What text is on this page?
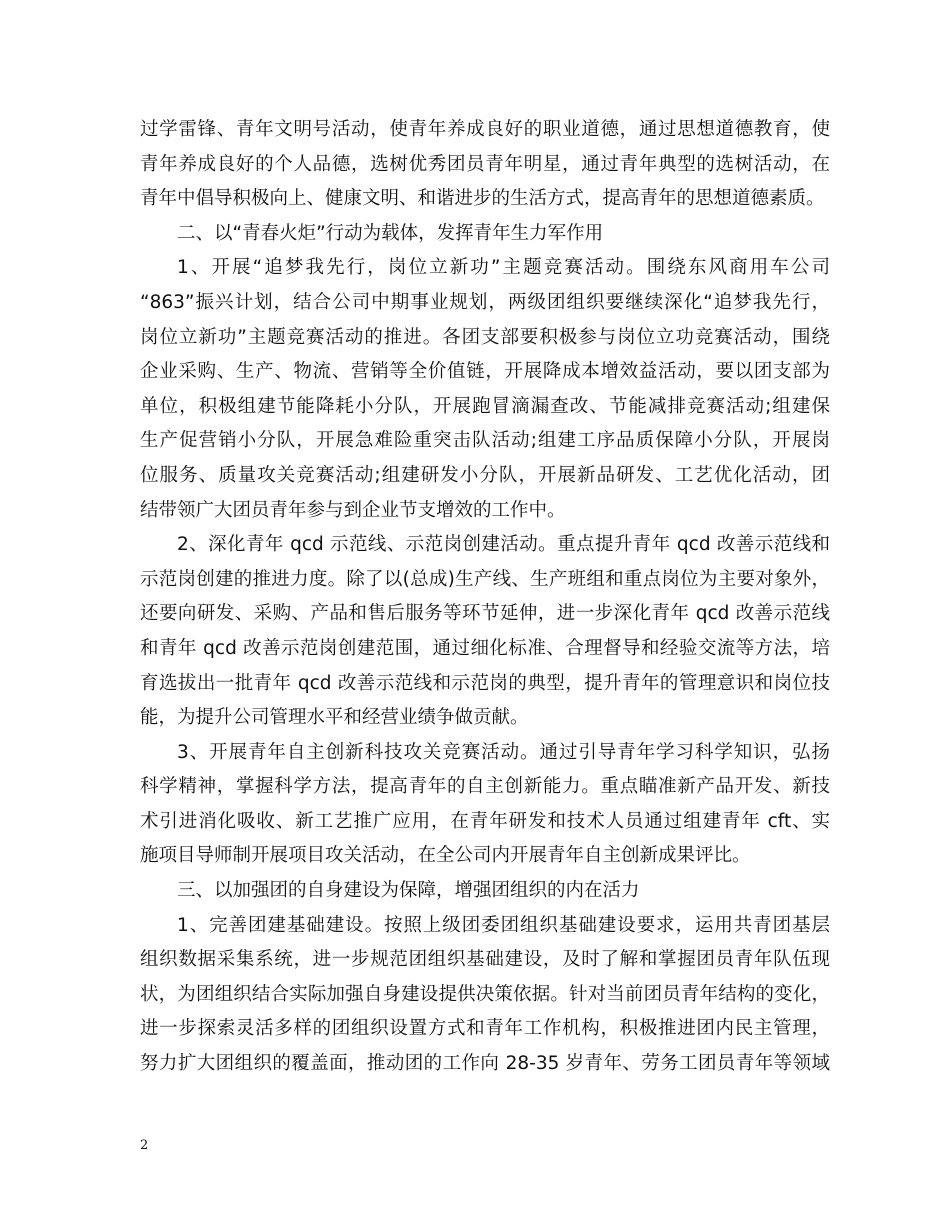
过学雷锋、青年文明号活动，使青年养成良好的职业道德，通过思想道德教育，使
青年养成良好的个人品德，选树优秀团员青年明星，通过青年典型的选树活动，在
青年中倡导积极向上、健康文明、和谐进步的生活方式，提高青年的思想道德素质。
二、以“青春火炬”行动为载体，发挥青年生力军作用
1、开展“追梦我先行，岗位立新功”主题竞赛活动。围绕东风商用车公司
“863”振兴计划，结合公司中期事业规划，两级团组织要继续深化“追梦我先行，
岗位立新功”主题竞赛活动的推进。各团支部要积极参与岗位立功竞赛活动，围绕
企业采购、生产、物流、营销等全价值链，开展降成本增效益活动，要以团支部为
单位，积极组建节能降耗小分队，开展跑冒滴漏查改、节能减排竞赛活动;组建保
生产促营销小分队，开展急难险重突击队活动;组建工序品质保障小分队，开展岗
位服务、质量攻关竞赛活动;组建研发小分队，开展新品研发、工艺优化活动，团
结带领广大团员青年参与到企业节支增效的工作中。
2、深化青年 qcd 示范线、示范岗创建活动。重点提升青年 qcd 改善示范线和
示范岗创建的推进力度。除了以(总成)生产线、生产班组和重点岗位为主要对象外，
还要向研发、采购、产品和售后服务等环节延伸，进一步深化青年 qcd 改善示范线
和青年 qcd 改善示范岗创建范围，通过细化标准、合理督导和经验交流等方法，培
育选拔出一批青年 qcd 改善示范线和示范岗的典型，提升青年的管理意识和岗位技
能，为提升公司管理水平和经营业绩争做贡献。
3、开展青年自主创新科技攻关竞赛活动。通过引导青年学习科学知识，弘扬
科学精神，掌握科学方法，提高青年的自主创新能力。重点瞄准新产品开发、新技
术引进消化吸收、新工艺推广应用，在青年研发和技术人员通过组建青年 cft、实
施项目导师制开展项目攻关活动，在全公司内开展青年自主创新成果评比。
三、以加强团的自身建设为保障，增强团组织的内在活力
1、完善团建基础建设。按照上级团委团组织基础建设要求，运用共青团基层
组织数据采集系统，进一步规范团组织基础建设，及时了解和掌握团员青年队伍现
状，为团组织结合实际加强自身建设提供决策依据。针对当前团员青年结构的变化，
进一步探索灵活多样的团组织设置方式和青年工作机构，积极推进团内民主管理，
努力扩大团组织的覆盖面，推动团的工作向 28-35 岁青年、劳务工团员青年等领域
2
